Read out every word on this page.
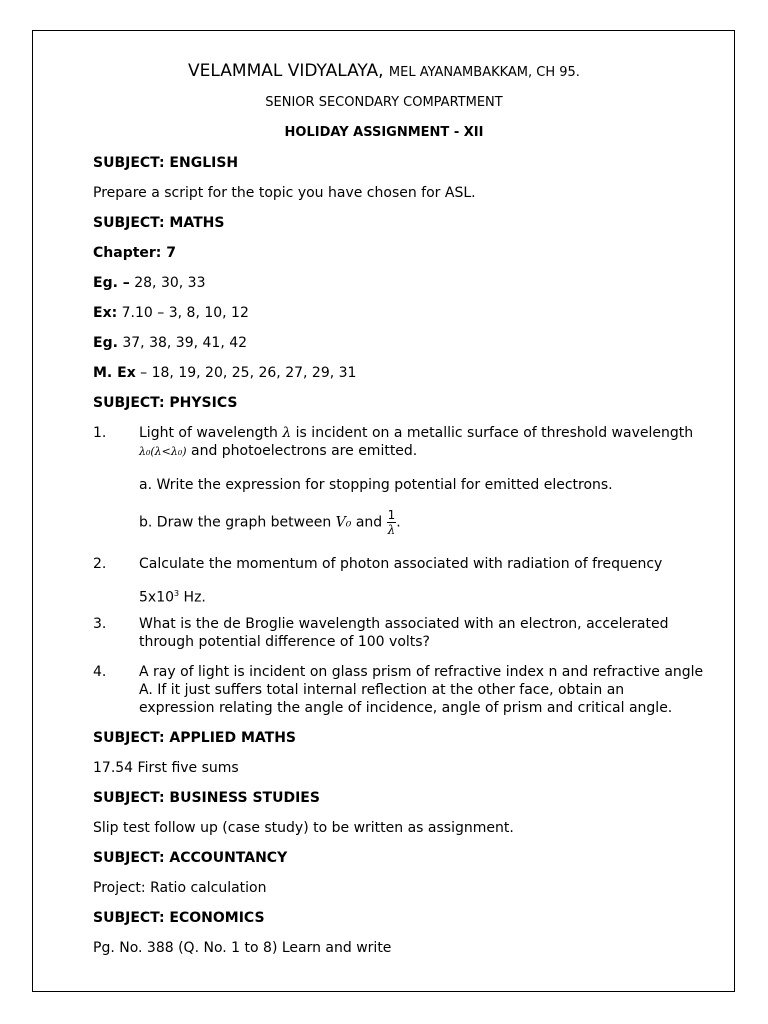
VELAMMAL VIDYALAYA, MEL AYANAMBAKKAM, CH 95.
SENIOR SECONDARY COMPARTMENT
HOLIDAY ASSIGNMENT - XII
SUBJECT: ENGLISH
Prepare a script for the topic you have chosen for ASL.
SUBJECT: MATHS
Chapter: 7
Eg. – 28, 30, 33
Ex: 7.10 – 3, 8, 10, 12
Eg. 37, 38, 39, 41, 42
M. Ex – 18, 19, 20, 25, 26, 27, 29, 31
SUBJECT: PHYSICS
1. Light of wavelength λ is incident on a metallic surface of threshold wavelength
λ₀(λ<λ₀) and photoelectrons are emitted.
a. Write the expression for stopping potential for emitted electrons.
b. Draw the graph between V₀ and $\frac{1}{\lambda}$ .
2. Calculate the momentum of photon associated with radiation of frequency
$5x10^3$ Hz.
3. What is the de Broglie wavelength associated with an electron, accelerated
through potential difference of 100 volts?
4. A ray of light is incident on glass prism of refractive index n and refractive angle
A. If it just suffers total internal reflection at the other face, obtain an
expression relating the angle of incidence, angle of prism and critical angle.
SUBJECT: APPLIED MATHS
17.54 First five sums
SUBJECT: BUSINESS STUDIES
Slip test follow up (case study) to be written as assignment.
SUBJECT: ACCOUNTANCY
Project: Ratio calculation
SUBJECT: ECONOMICS
Pg. No. 388 (Q. No. 1 to 8) Learn and write
